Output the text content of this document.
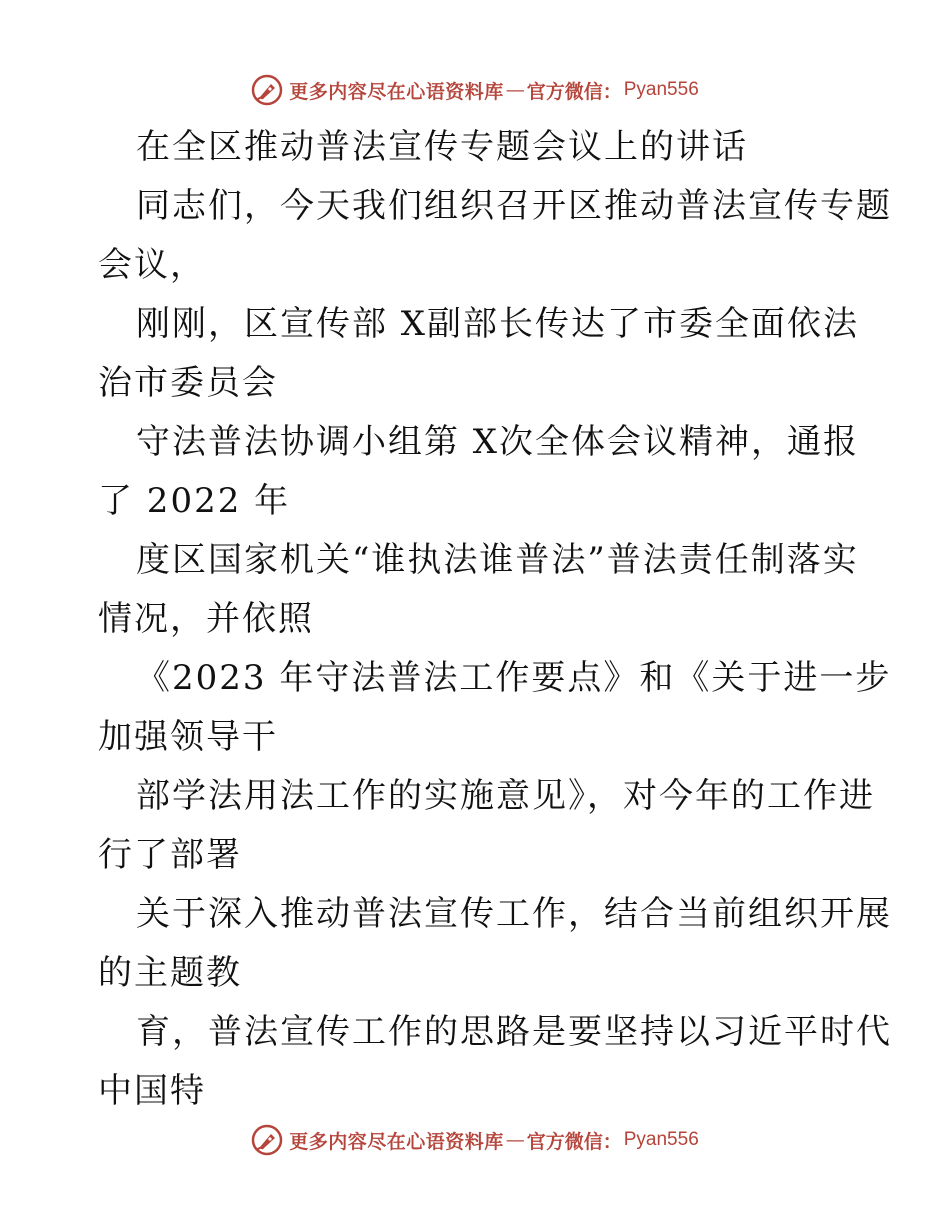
更多内容尽在心语资料库 — 官方微信： Pyan556
在全区推动普法宣传专题会议上的讲话
同志们，今天我们组织召开区推动普法宣传专题
会议，
刚刚，区宣传部 X副部长传达了市委全面依法
治市委员会
守法普法协调小组第 X次全体会议精神，通报
了 2022 年
度区国家机关“谁执法谁普法”普法责任制落实
情况，并依照
《2023 年守法普法工作要点》和《关于进一步
加强领导干
部学法用法工作的实施意见》，对今年的工作进
行了部署
关于深入推动普法宣传工作，结合当前组织开展
的主题教
育，普法宣传工作的思路是要坚持以习近平时代
中国特
更多内容尽在心语资料库 — 官方微信： Pyan556
